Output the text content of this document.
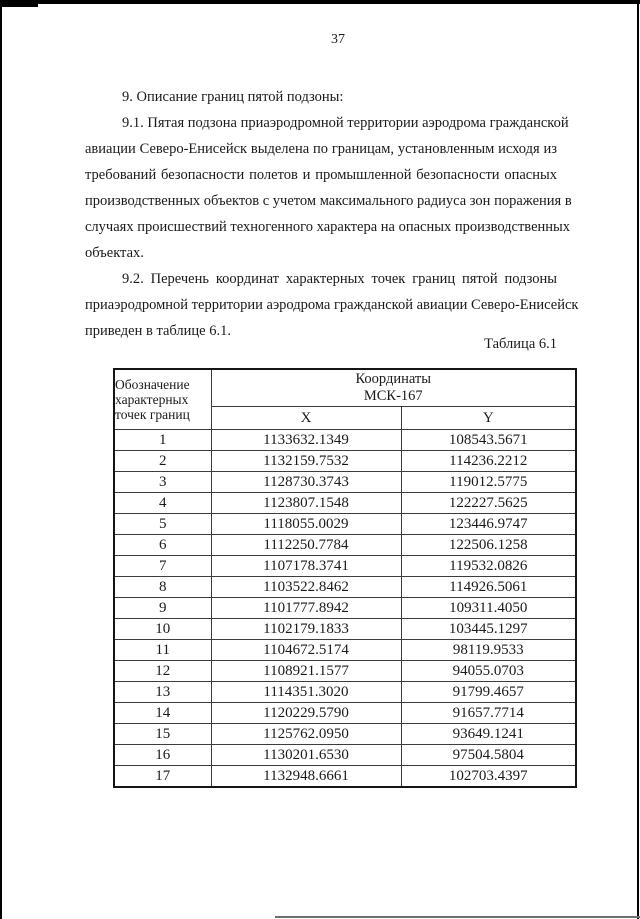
37
9. Описание границ пятой подзоны:
9.1. Пятая подзона приаэродромной территории аэродрома гражданской
авиации Северо-Енисейск выделена по границам, установленным исходя из
требований безопасности полетов и промышленной безопасности опасных
производственных объектов с учетом максимального радиуса зон поражения в
случаях происшествий техногенного характера на опасных производственных
объектах.
9.2. Перечень координат характерных точек границ пятой подзоны
приаэродромной территории аэродрома гражданской авиации Северо-Енисейск
приведен в таблице 6.1.
Таблица 6.1
Обозначение характерных точек границ	Координаты
МСК-167	

	X	Y
1	1133632.1349	108543.5671
2	1132159.7532	114236.2212
3	1128730.3743	119012.5775
4	1123807.1548	122227.5625
5	1118055.0029	123446.9747
6	1112250.7784	122506.1258
7	1107178.3741	119532.0826
8	1103522.8462	114926.5061
9	1101777.8942	109311.4050
10	1102179.1833	103445.1297
11	1104672.5174	98119.9533
12	1108921.1577	94055.0703
13	1114351.3020	91799.4657
14	1120229.5790	91657.7714
15	1125762.0950	93649.1241
16	1130201.6530	97504.5804
17	1132948.6661	102703.4397
